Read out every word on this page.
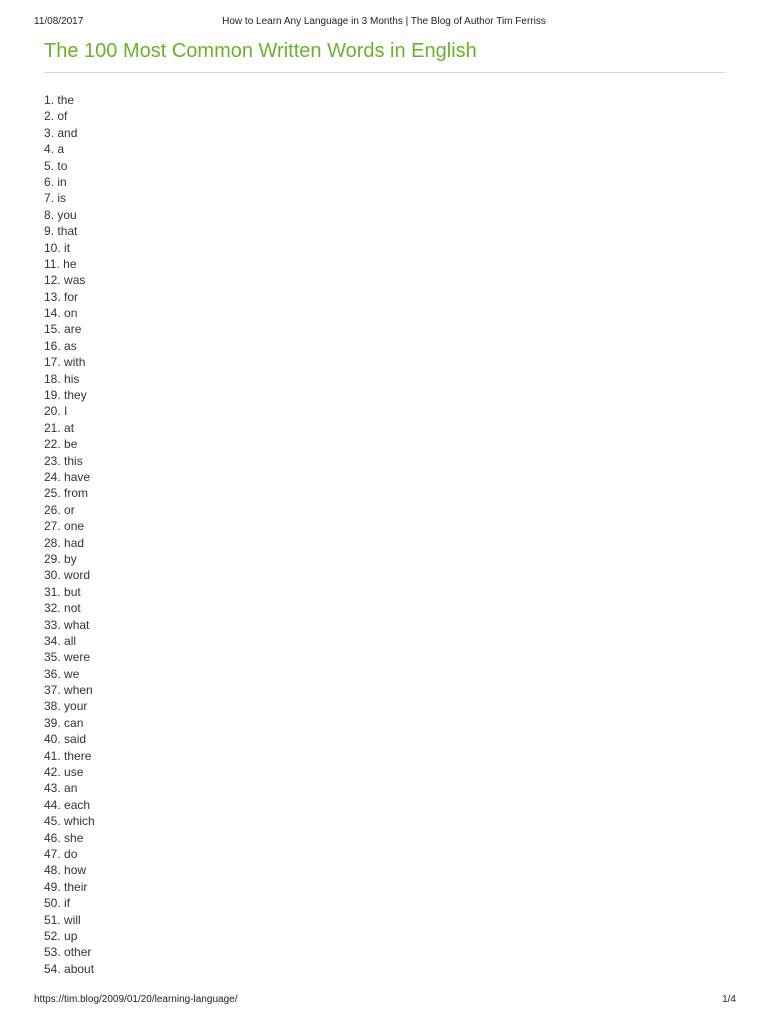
11/08/2017	How to Learn Any Language in 3 Months | The Blog of Author Tim Ferriss
The 100 Most Common Written Words in English
1 . the
2 . of
3 . and
4 . a
5 . to
6 . in
7 . is
8 . you
9 . that
10 . it
11 . he
12 . was
13 . for
14 . on
15 . are
16 . as
17 . with
18 . his
19 . they
20 . I
21 . at
22 . be
23 . this
24 . have
25 . from
26 . or
27 . one
28 . had
29 . by
30 . word
31 . but
32 . not
33 . what
34 . all
35 . were
36 . we
37 . when
38 . your
39 . can
40 . said
41 . there
42 . use
43 . an
44 . each
45 . which
46 . she
47 . do
48 . how
49 . their
50 . if
51 . will
52 . up
53 . other
54 . about
https://tim.blog/2009/01/20/learning-language/	1/4
